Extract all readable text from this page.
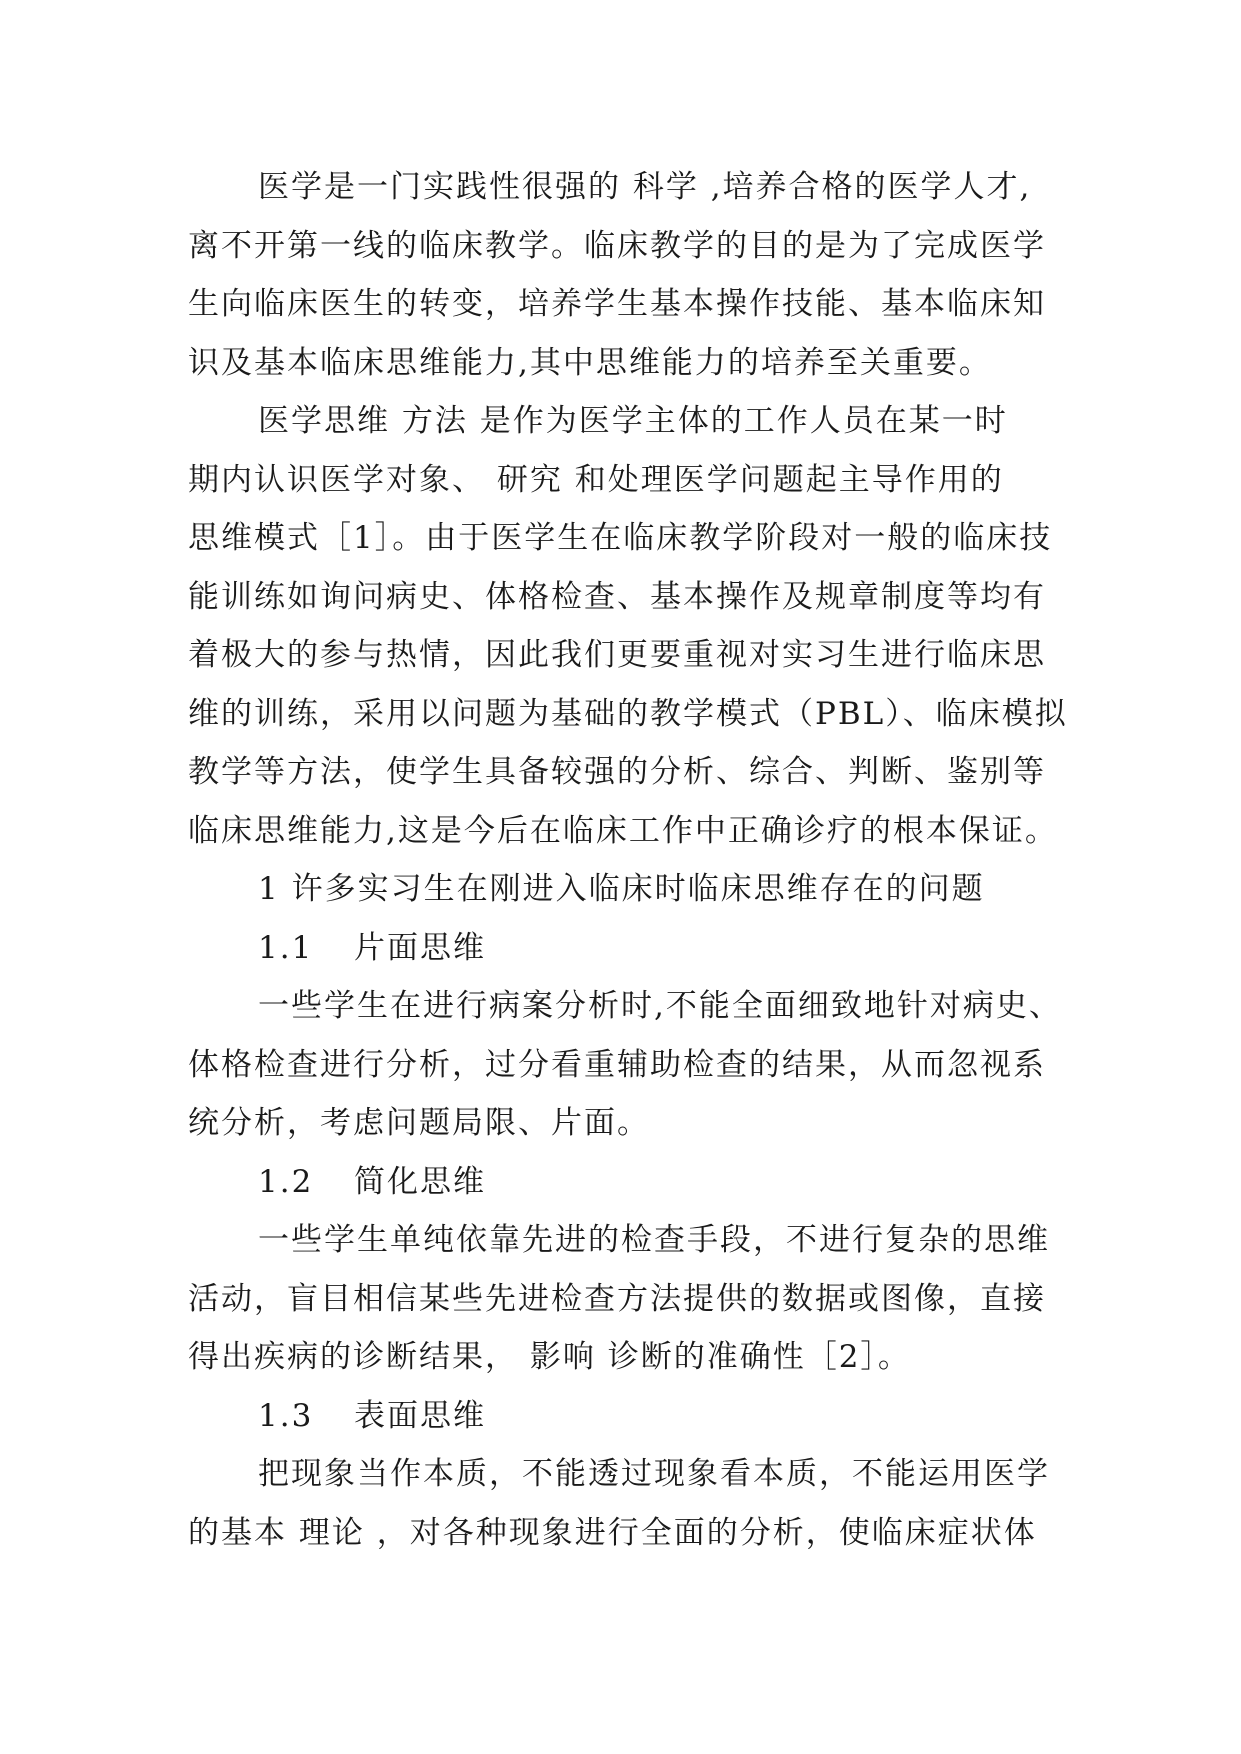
医学是一门实践性很强的 科学 ,培养合格的医学人才,
离不开第一线的临床教学。临床教学的目的是为了完成医学
生向临床医生的转变，培养学生基本操作技能、基本临床知
识及基本临床思维能力,其中思维能力的培养至关重要。
医学思维 方法 是作为医学主体的工作人员在某一时
期内认识医学对象、 研究 和处理医学问题起主导作用的
思维模式［1］。由于医学生在临床教学阶段对一般的临床技
能训练如询问病史、体格检查、基本操作及规章制度等均有
着极大的参与热情，因此我们更要重视对实习生进行临床思
维的训练，采用以问题为基础的教学模式（PBL）、临床模拟
教学等方法，使学生具备较强的分析、综合、判断、鉴别等
临床思维能力,这是今后在临床工作中正确诊疗的根本保证。
1 许多实习生在刚进入临床时临床思维存在的问题
1.1 片面思维
一些学生在进行病案分析时,不能全面细致地针对病史、
体格检查进行分析，过分看重辅助检查的结果，从而忽视系
统分析，考虑问题局限、片面。
1.2 简化思维
一些学生单纯依靠先进的检查手段，不进行复杂的思维
活动，盲目相信某些先进检查方法提供的数据或图像，直接
得出疾病的诊断结果， 影响 诊断的准确性［2］。
1.3 表面思维
把现象当作本质，不能透过现象看本质，不能运用医学
的基本 理论 ，对各种现象进行全面的分析，使临床症状体
